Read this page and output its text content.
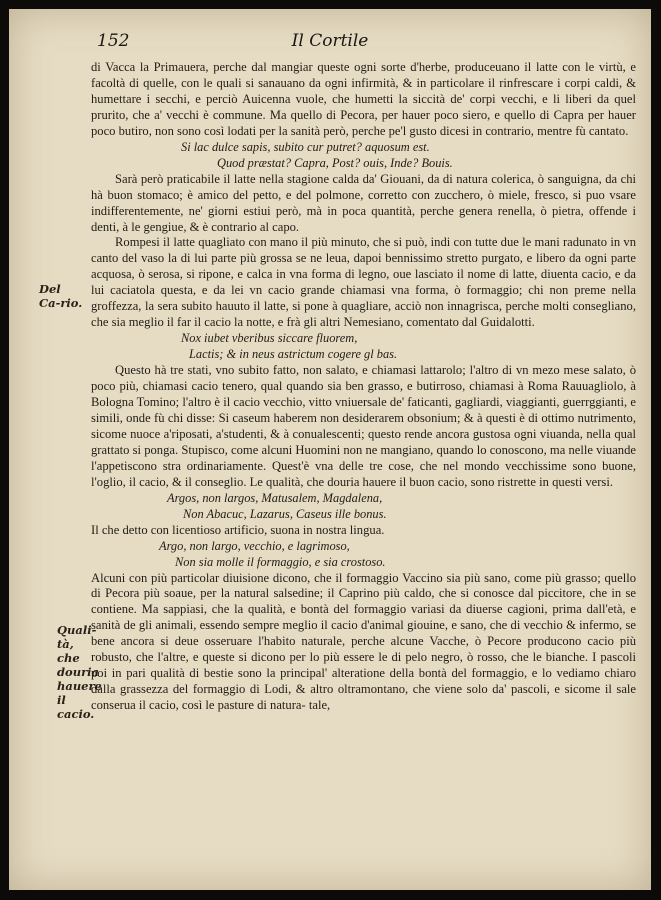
152	Il Cortile
Del Ca-rio.
Quali-tà, che douria hauere il cacio.

di Vacca la Primauera, perche dal mangiar queste ogni sorte d'herbe, produceuano il latte con le virtù, e facoltà di quelle, con le quali si sanauano da ogni infirmità, & in particolare il rinfrescare i corpi caldi, & humettare i secchi, e perciò Auicenna vuole, che humetti la siccità de' corpi vecchi, e li liberi da quel prurito, che a' vecchi è commune. Ma quello di Pecora, per hauer poco siero, e quello di Capra per hauer poco butiro, non sono così lodati per la sanità però, perche pe'l gusto dicesi in contrario, mentre fù cantato.

Si lac dulce sapis, subito cur putret? aquosum est.

Quod præstat? Capra, Post? ouis, Inde? Bouis.

Sarà però praticabile il latte nella stagione calda da' Giouani, da di natura colerica, ò sanguigna, da chi hà buon stomaco; è amico del petto, e del polmone, corretto con zucchero, ò miele, fresco, si puo vsare indifferentemente, ne' giorni estiui però, mà in poca quantità, perche genera renella, ò pietra, offende i denti, à le gengiue, & è contrario al capo.

Rompesi il latte quagliato con mano il più minuto, che si può, indi con tutte due le mani radunato in vn canto del vaso la di lui parte più grossa se ne leua, dapoi bennissimo stretto purgato, e libero da ogni parte acquosa, ò serosa, si ripone, e calca in vna forma di legno, oue lasciato il nome di latte, diuenta cacio, e da lui caciatola questa, e da lei vn cacio grande chiamasi vna forma, ò formaggio; chi non preme nella groffezza, la sera subito hauuto il latte, si pone à quagliare, acciò non innagrisca, perche molti consegliano, che sia meglio il far il cacio la notte, e frà gli altri Nemesiano, comentato dal Guidalotti.

Nox iubet vberibus siccare fluorem,

Lactis; & in neus astrictum cogere gl bas.

Questo hà tre stati, vno subito fatto, non salato, e chiamasi lattarolo; l'altro di vn mezo mese salato, ò poco più, chiamasi cacio tenero, qual quando sia ben grasso, e butirroso, chiamasi à Roma Rauuagliolo, à Bologna Tomino; l'altro è il cacio vecchio, vitto vniuersale de' faticanti, gagliardi, viaggianti, guerrggianti, e simili, onde fù chi disse: Si caseum haberem non desiderarem obsonium; & à questi è di ottimo nutrimento, sicome nuoce a'riposati, a'studenti, & à conualescenti; questo rende ancora gustosa ogni viuanda, nella qual grattato si ponga. Stupisco, come alcuni Huomini non ne mangiano, quando lo conoscono, ma nelle viuande l'appetiscono stra ordinariamente. Quest'è vna delle tre cose, che nel mondo vecchissime sono buone, l'oglio, il cacio, & il conseglio. Le qualità, che douria hauere il buon cacio, sono ristrette in questi versi.

Argos, non largos, Matusalem, Magdalena,

Non Abacuc, Lazarus, Caseus ille bonus.

Il che detto con licentioso artificio, suona in nostra lingua.

Argo, non largo, vecchio, e lagrimoso,

Non sia molle il formaggio, e sia crostoso.

Alcuni con più particolar diuisione dicono, che il formaggio Vaccino sia più sano, come più grasso; quello di Pecora più soaue, per la natural salsedine; il Caprino più caldo, che si conosce dal piccitore, che in se contiene. Ma sappiasi, che la qualità, e bontà del formaggio variasi da diuerse cagioni, prima dall'età, e sanità de gli animali, essendo sempre meglio il cacio d'animal giouine, e sano, che di vecchio & infermo, se bene ancora si deue osseruare l'habito naturale, perche alcune Vacche, ò Pecore producono cacio più robusto, che l'altre, e queste si dicono per lo più essere le di pelo negro, ò rosso, che le bianche. I pascoli poi in pari qualità di bestie sono la principal' alteratione della bontà del formaggio, e lo vediamo chiaro dalla grassezza del formaggio di Lodi, & altro oltramontano, che viene solo da' pascoli, e sicome il sale conserua il cacio, così le pasture di natura- tale,
